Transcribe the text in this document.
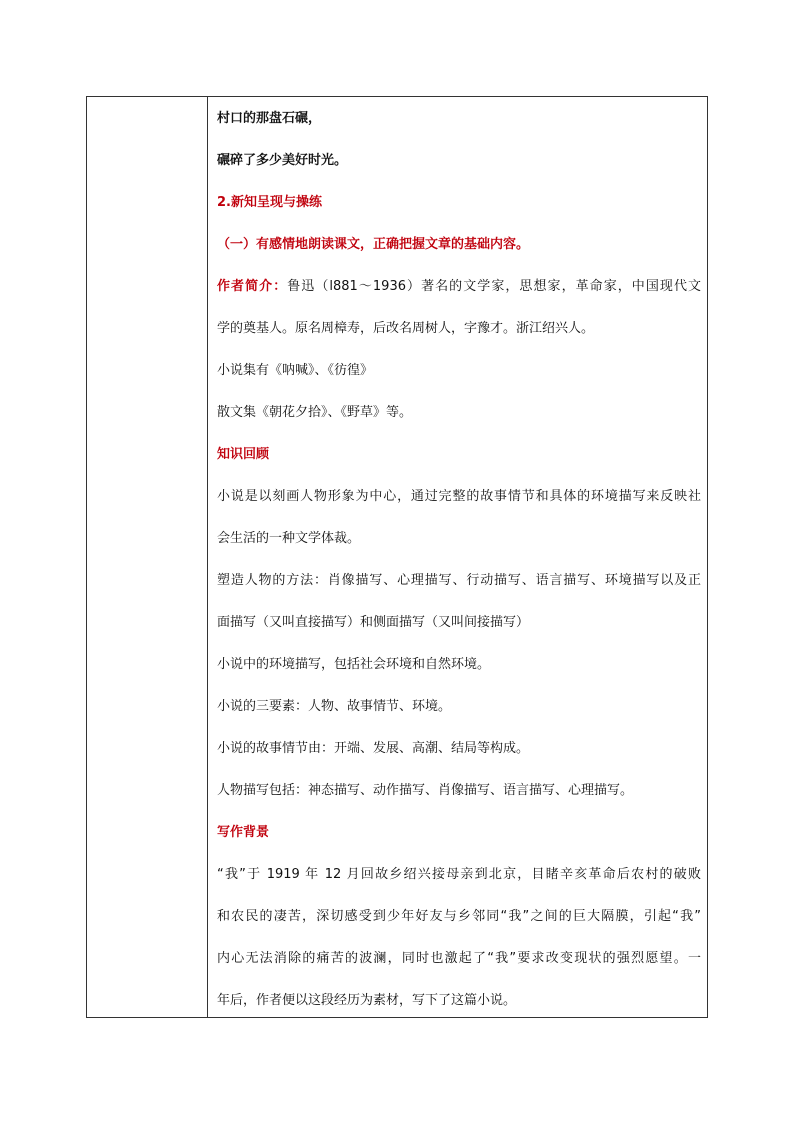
村口的那盘石碾，
碾碎了多少美好时光。
2.新知呈现与操练
（一）有感情地朗读课文，正确把握文章的基础内容。
作者简介：鲁迅（l881～1936）著名的文学家，思想家，革命家，中国现代文
学的奠基人。原名周樟寿，后改名周树人，字豫才。浙江绍兴人。
小说集有《呐喊》、《彷徨》
散文集《朝花夕拾》、《野草》等。
知识回顾
小说是以刻画人物形象为中心，通过完整的故事情节和具体的环境描写来反映社
会生活的一种文学体裁。
塑造人物的方法：肖像描写、心理描写、行动描写、语言描写、环境描写以及正
面描写（又叫直接描写）和侧面描写（又叫间接描写）
小说中的环境描写，包括社会环境和自然环境。
小说的三要素：人物、故事情节、环境。
小说的故事情节由：开端、发展、高潮、结局等构成。
人物描写包括：神态描写、动作描写、肖像描写、语言描写、心理描写。
写作背景
“我”于 1919 年 12 月回故乡绍兴接母亲到北京，目睹辛亥革命后农村的破败
和农民的凄苦，深切感受到少年好友与乡邻同“我”之间的巨大隔膜，引起“我”
内心无法消除的痛苦的波澜，同时也激起了“我”要求改变现状的强烈愿望。一
年后，作者便以这段经历为素材，写下了这篇小说。
